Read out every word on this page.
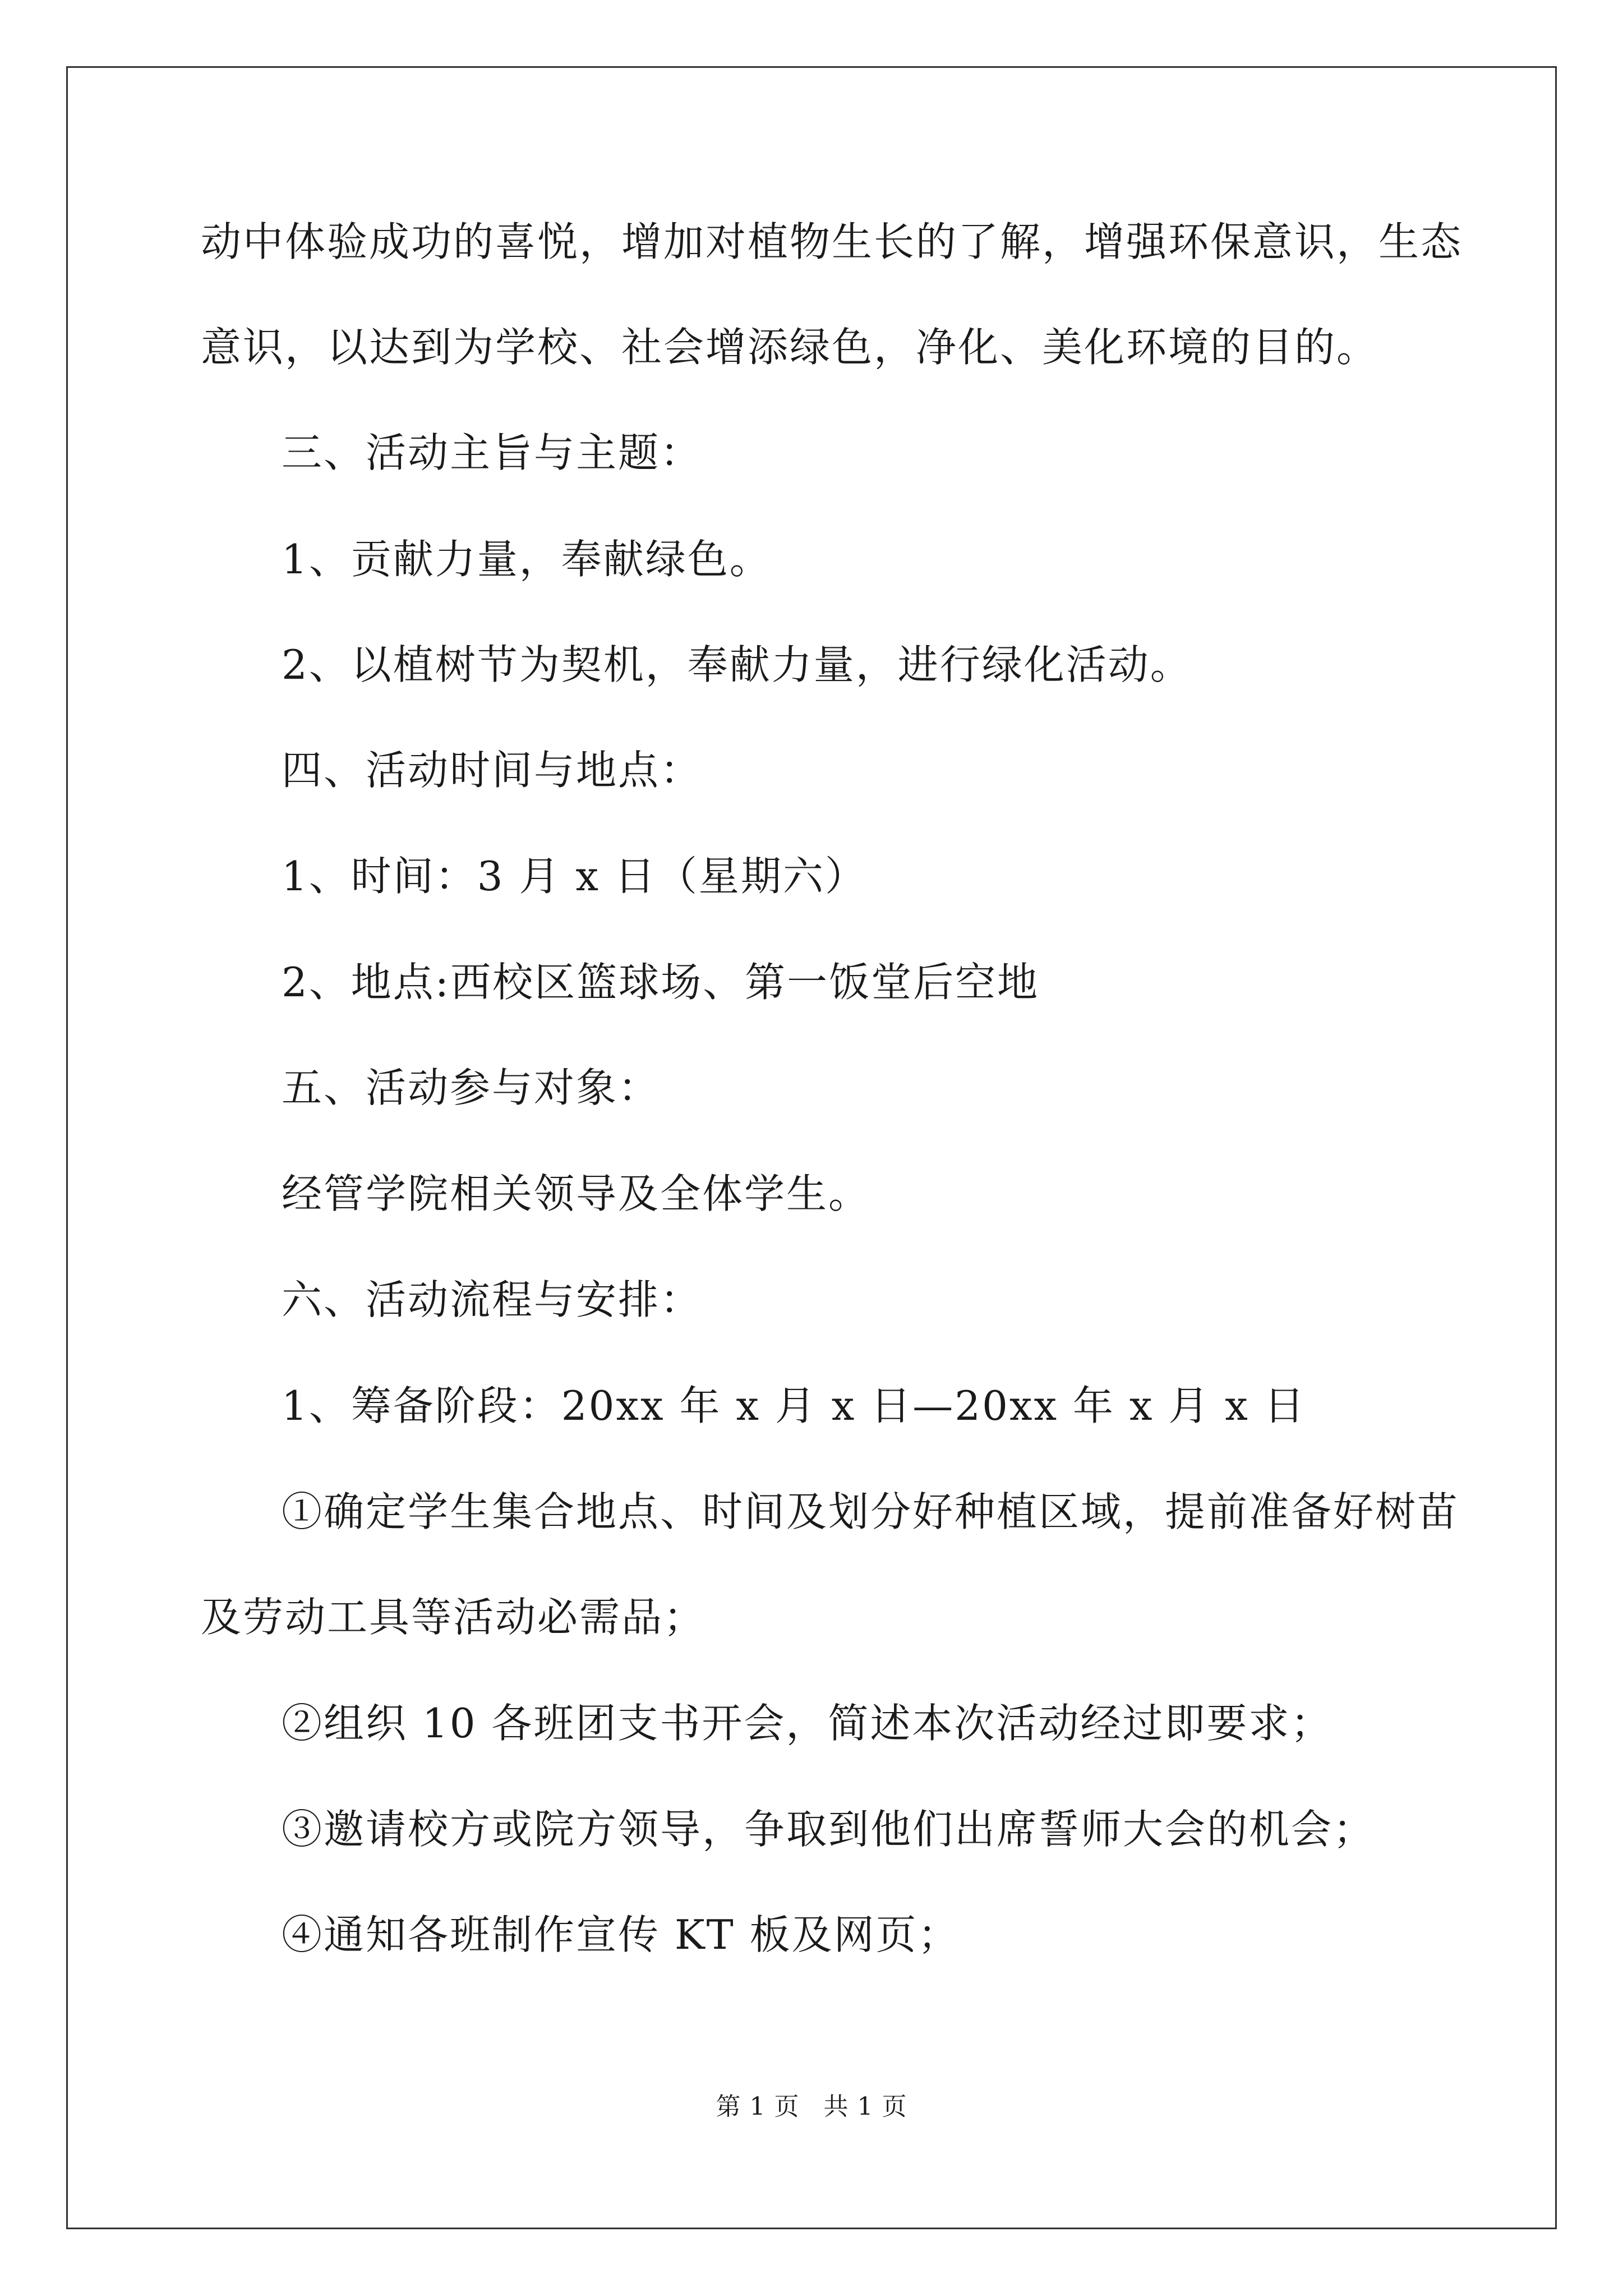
动中体验成功的喜悦，增加对植物生长的了解，增强环保意识，生态
意识，以达到为学校、社会增添绿色，净化、美化环境的目的。
三、活动主旨与主题：
1、贡献力量，奉献绿色。
2、以植树节为契机，奉献力量，进行绿化活动。
四、活动时间与地点：
1、时间：3 月 x 日（星期六）
2、地点:西校区篮球场、第一饭堂后空地
五、活动参与对象：
经管学院相关领导及全体学生。
六、活动流程与安排：
1、筹备阶段：20xx 年 x 月 x 日—20xx 年 x 月 x 日
①确定学生集合地点、时间及划分好种植区域，提前准备好树苗
及劳动工具等活动必需品；
②组织 10 各班团支书开会，简述本次活动经过即要求；
③邀请校方或院方领导，争取到他们出席誓师大会的机会；
④通知各班制作宣传 KT 板及网页；
第 1 页 共 1 页
